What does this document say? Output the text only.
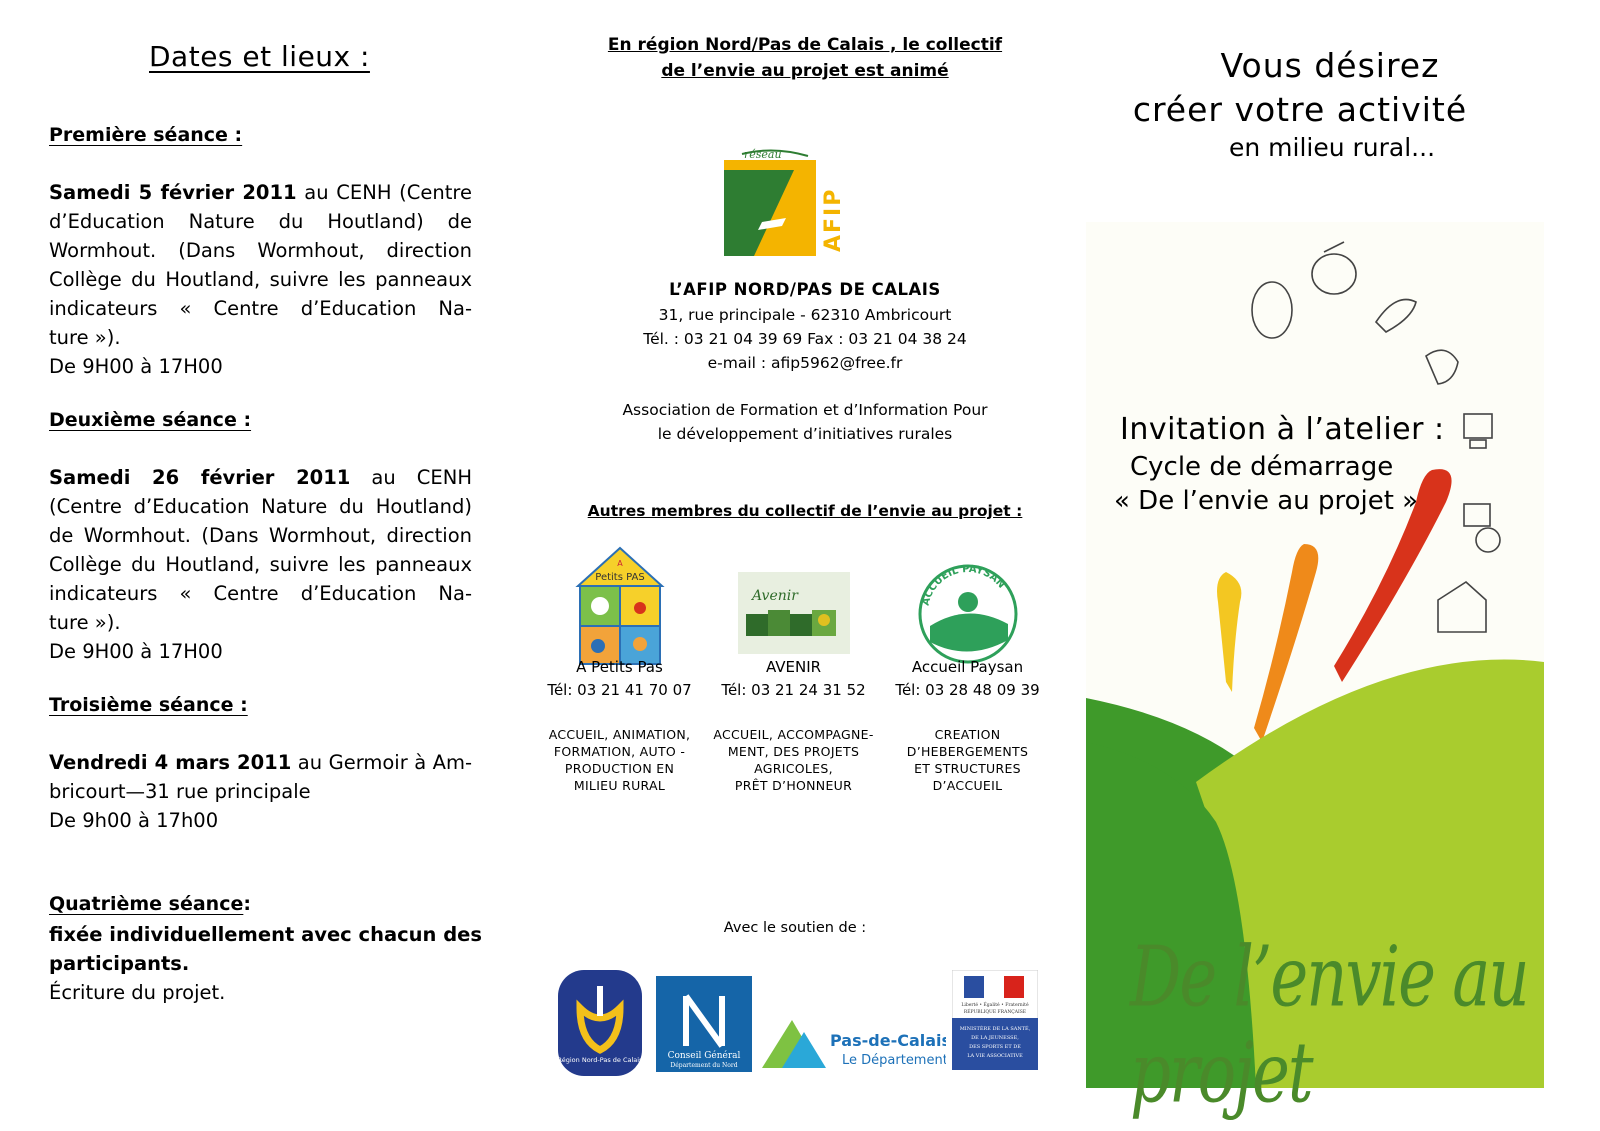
Dates et lieux :
Première séance :
Samedi 5 février 2011 au CENH (Centre
d’Education Nature du Houtland) de
Wormhout. (Dans Wormhout, direction
Collège du Houtland, suivre les panneaux
indicateurs « Centre d’Education Na-
ture »).
De 9H00 à 17H00
Deuxième séance :
Samedi 26 février 2011 au CENH
(Centre d’Education Nature du Houtland)
de Wormhout. (Dans Wormhout, direction
Collège du Houtland, suivre les panneaux
indicateurs « Centre d’Education Na-
ture »).
De 9H00 à 17H00
Troisième séance :
Vendredi 4 mars 2011 au Germoir à Am-
bricourt—31 rue principale
De 9h00 à 17h00
Quatrième séance:
fixée individuellement avec chacun des
participants.
Écriture du projet.
En région Nord/Pas de Calais , le collectif
de l’envie au projet est animé
réseau
AFIP
L’AFIP NORD/PAS DE CALAIS
31, rue principale - 62310 Ambricourt
Tél. : 03 21 04 39 69 Fax : 03 21 04 38 24
e-mail : afip5962@free.fr
Association de Formation et d’Information Pour
le développement d’initiatives rurales
Autres membres du collectif de l’envie au projet :
A
Petits PAS
A Petits Pas
Tél: 03 21 41 70 07
ACCUEIL, ANIMATION,
FORMATION, AUTO -
PRODUCTION EN
MILIEU RURAL
Avenir
AVENIR
Tél: 03 21 24 31 52
ACCUEIL, ACCOMPAGNE-
MENT, DES PROJETS
AGRICOLES,
PRÊT D’HONNEUR
ACCUEIL PAYSAN
Accueil Paysan
Tél: 03 28 48 09 39
CREATION
D’HEBERGEMENTS
ET STRUCTURES
D’ACCUEIL
Avec le soutien de :
Région Nord-Pas de Calais	Conseil Général
Département du Nord
Pas-de-Calais
Le Département
Liberté • Égalité • Fraternité
RÉPUBLIQUE FRANÇAISE
MINISTÈRE DE LA SANTÉ,
DE LA JEUNESSE,
DES SPORTS ET DE
LA VIE ASSOCIATIVE
Vous désirez
créer votre activité
en milieu rural...
Invitation à l’atelier :
Cycle de démarrage
« De l’envie au projet »
De l’envie au projet
